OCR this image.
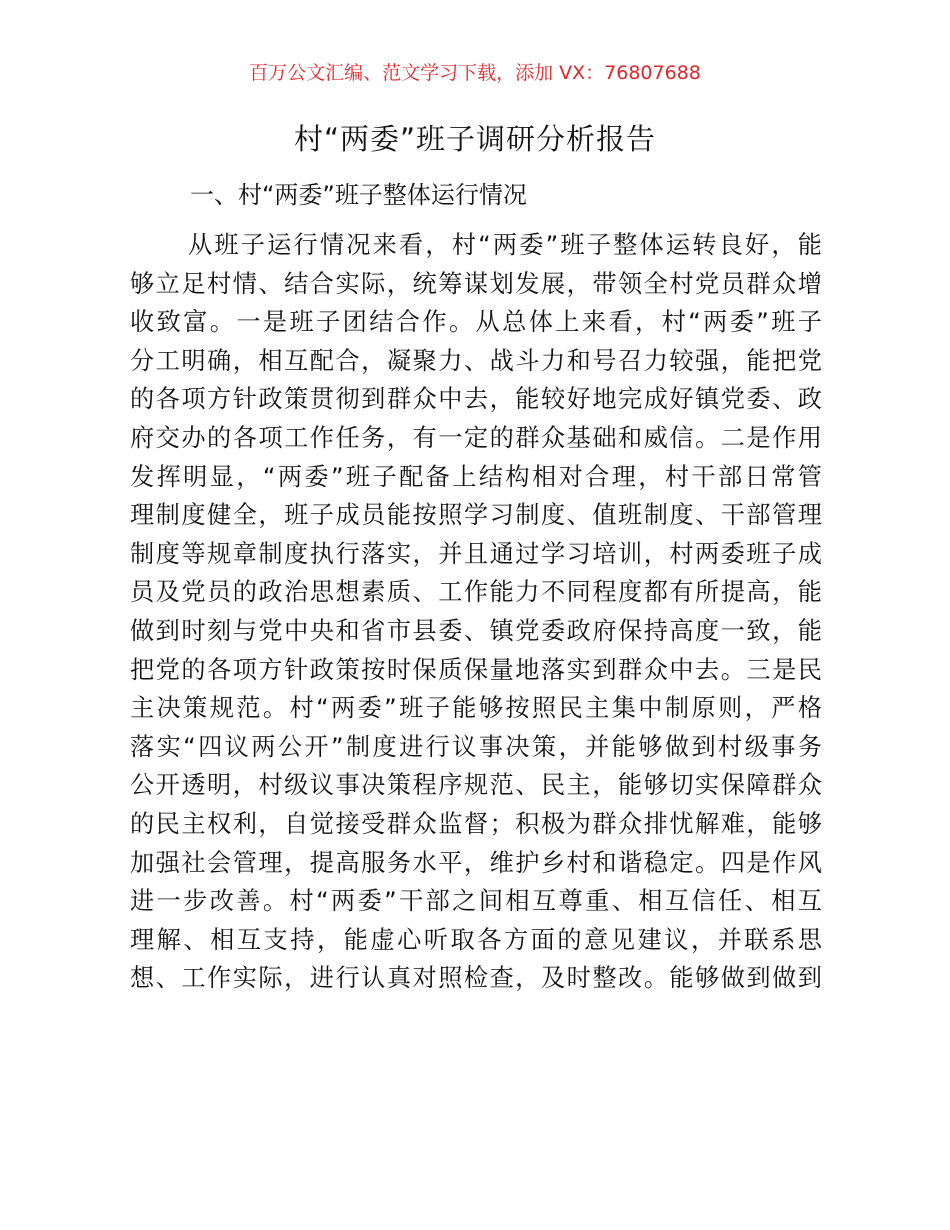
百万公文汇编、范文学习下载，添加 VX：76807688
村“两委”班子调研分析报告
一、村“两委”班子整体运行情况
从班子运行情况来看，村“两委”班子整体运转良好，能
够立足村情、结合实际，统筹谋划发展，带领全村党员群众增
收致富。一是班子团结合作。从总体上来看，村“两委”班子
分工明确，相互配合，凝聚力、战斗力和号召力较强，能把党
的各项方针政策贯彻到群众中去，能较好地完成好镇党委、政
府交办的各项工作任务，有一定的群众基础和威信。二是作用
发挥明显，“两委”班子配备上结构相对合理，村干部日常管
理制度健全，班子成员能按照学习制度、值班制度、干部管理
制度等规章制度执行落实，并且通过学习培训，村两委班子成
员及党员的政治思想素质、工作能力不同程度都有所提高，能
做到时刻与党中央和省市县委、镇党委政府保持高度一致，能
把党的各项方针政策按时保质保量地落实到群众中去。三是民
主决策规范。村“两委”班子能够按照民主集中制原则，严格
落实“四议两公开”制度进行议事决策，并能够做到村级事务
公开透明，村级议事决策程序规范、民主，能够切实保障群众
的民主权利，自觉接受群众监督；积极为群众排忧解难，能够
加强社会管理，提高服务水平，维护乡村和谐稳定。四是作风
进一步改善。村“两委”干部之间相互尊重、相互信任、相互
理解、相互支持，能虚心听取各方面的意见建议，并联系思
想、工作实际，进行认真对照检查，及时整改。能够做到做到
